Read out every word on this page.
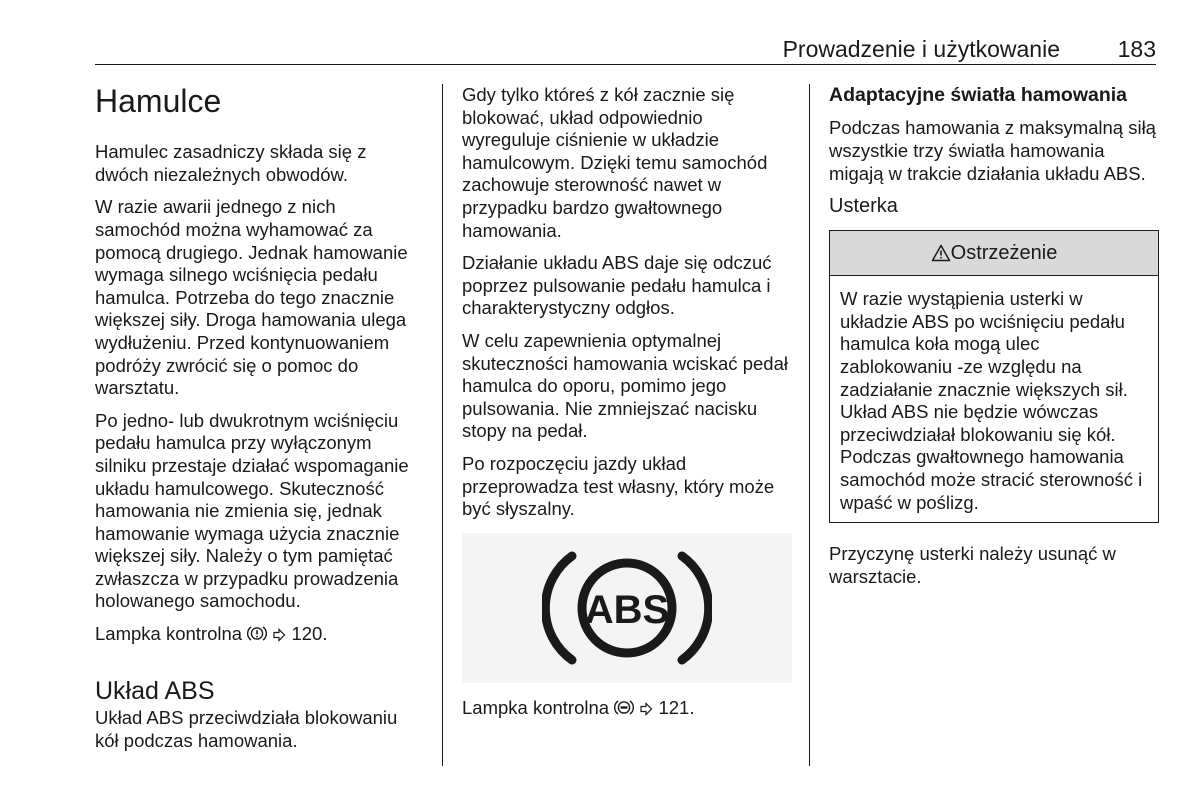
Prowadzenie i użytkowanie	183
Hamulce

Hamulec zasadniczy składa się z dwóch niezależnych obwodów.

W razie awarii jednego z nich samochód można wyhamować za pomocą drugiego. Jednak hamowanie wymaga silnego wciśnięcia pedału hamulca. Potrzeba do tego znacznie większej siły. Droga hamowania ulega wydłużeniu. Przed kontynuowaniem podróży zwrócić się o pomoc do warsztatu.

Po jedno- lub dwukrotnym wciśnięciu pedału hamulca przy wyłączonym silniku przestaje działać wspomaganie układu hamulcowego. Skuteczność hamowania nie zmienia się, jednak hamowanie wymaga użycia znacznie większej siły. Należy o tym pamiętać zwłaszcza w przypadku prowadzenia holowanego samochodu.

Lampka kontrolna	120.

Układ ABS

Układ ABS przeciwdziała blokowaniu kół podczas hamowania.

Gdy tylko któreś z kół zacznie się blokować, układ odpowiednio wyreguluje ciśnienie w układzie hamulcowym. Dzięki temu samochód zachowuje sterowność nawet w przypadku bardzo gwałtownego hamowania.

Działanie układu ABS daje się odczuć poprzez pulsowanie pedału hamulca i charakterystyczny odgłos.

W celu zapewnienia optymalnej skuteczności hamowania wciskać pedał hamulca do oporu, pomimo jego pulsowania. Nie zmniejszać nacisku stopy na pedał.

Po rozpoczęciu jazdy układ przeprowadza test własny, który może być słyszalny.

ABS

Lampka kontrolna	121.

Adaptacyjne światła hamowania

Podczas hamowania z maksymalną siłą wszystkie trzy światła hamowania migają w trakcie działania układu ABS.

Usterka
Ostrzeżenie

W razie wystąpienia usterki w układzie ABS po wciśnięciu pedału hamulca koła mogą ulec zablokowaniu -ze względu na zadziałanie znacznie większych sił. Układ ABS nie będzie wówczas przeciwdziałał blokowaniu się kół. Podczas gwałtownego hamowania samochód może stracić sterowność i wpaść w poślizg.

Przyczynę usterki należy usunąć w warsztacie.
